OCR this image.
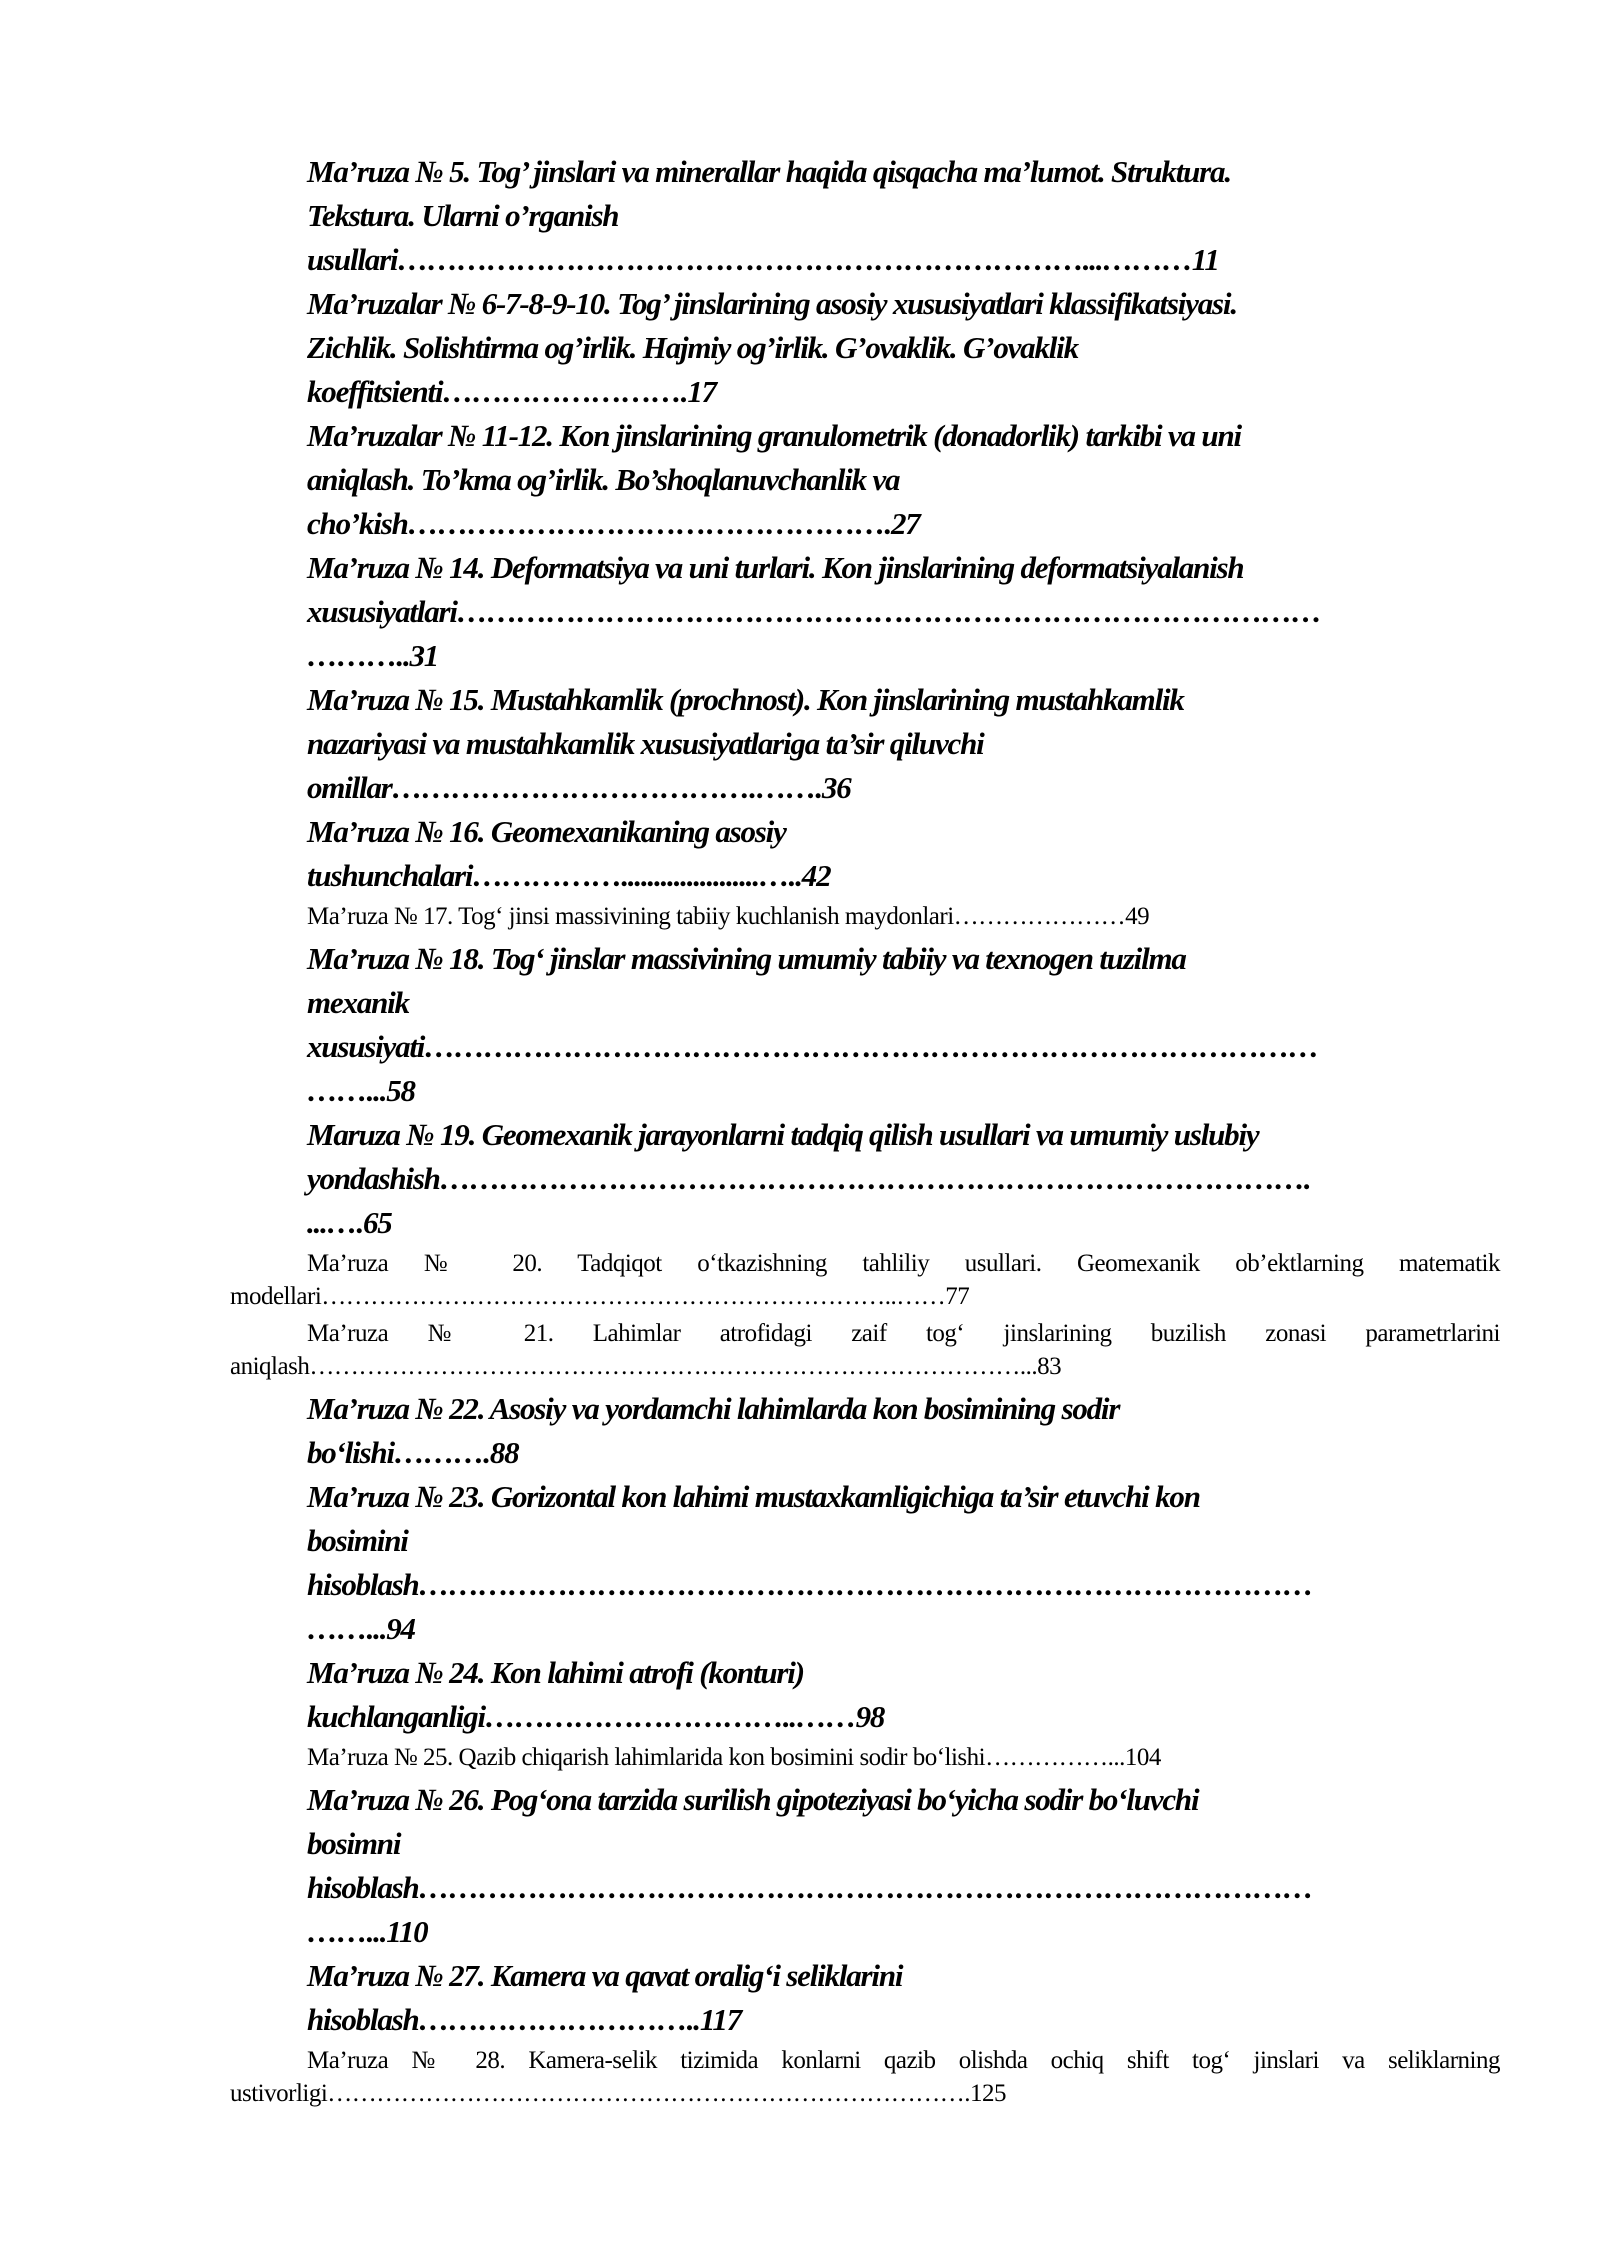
Ma’ruza № 5. Tog’ jinslari va minerallar haqida qisqacha ma’lumot. Struktura.
Tekstura. Ularni o’rganish
usullari……………………………………………………………...………11
Ma’ruzalar № 6-7-8-9-10. Tog’ jinslarining asosiy xususiyatlari klassifikatsiyasi.
Zichlik. Solishtirma og’irlik. Hajmiy og’irlik. G’ovaklik. G’ovaklik
koeffitsienti…………………….17
Ma’ruzalar № 11-12. Kon jinslarining granulometrik (donadorlik) tarkibi va uni
aniqlash. To’kma og’irlik. Bo’shoqlanuvchanlik va
cho’kish………………………………………….27
Ma’ruza № 14. Deformatsiya va uni turlari. Kon jinslarining deformatsiyalanish
xususiyatlari……………………………………………………………………………
………..31
Ma’ruza № 15. Mustahkamlik (prochnost). Kon jinslarining mustahkamlik
nazariyasi va mustahkamlik xususiyatlariga ta’sir qiluvchi
omillar……………………………….…….36
Ma’ruza № 16. Geomexanikaning asosiy
tushunchalari…………….....................…..42
Ma’ruza № 17. Tog‘ jinsi massivining tabiiy kuchlanish maydonlari…………………49
Ma’ruza № 18. Tog‘ jinslar massivining umumiy tabiiy va texnogen tuzilma
mexanik
xususiyati………………………………………………………………………………
……...58
Maruza № 19. Geomexanik jarayonlarni tadqiq qilish usullari va umumiy uslubiy
yondashish…………………………………………………………………………….
...….65
Ma’ruza № 20. Tadqiqot o‘tkazishning tahliliy usullari. Geomexanik ob’ektlarning matematik modellari……………………………………………………………..……77
Ma’ruza № 21. Lahimlar atrofidagi zaif tog‘ jinslarining buzilish zonasi parametrlarini aniqlash……………………………………………………………………………...83
Ma’ruza № 22. Asosiy va yordamchi lahimlarda kon bosimining sodir
bo‘lishi……….88
Ma’ruza № 23. Gorizontal kon lahimi mustaxkamligichiga ta’sir etuvchi kon
bosimini
hisoblash………………………………………………………………………………
……...94
Ma’ruza № 24. Kon lahimi atrofi (konturi)
kuchlanganligi…………………………..……98
Ma’ruza № 25. Qazib chiqarish lahimlarida kon bosimini sodir bo‘lishi……………...104
Ma’ruza № 26. Pog‘ona tarzida surilish gipoteziyasi bo‘yicha sodir bo‘luvchi
bosimni
hisoblash………………………………………………………………………………
……...110
Ma’ruza № 27. Kamera va qavat oralig‘i seliklarini
hisoblash………………………..117
Ma’ruza № 28. Kamera-selik tizimida konlarni qazib olishda ochiq shift tog‘ jinslari va seliklarning ustivorligi…………………………………………………………………….125
